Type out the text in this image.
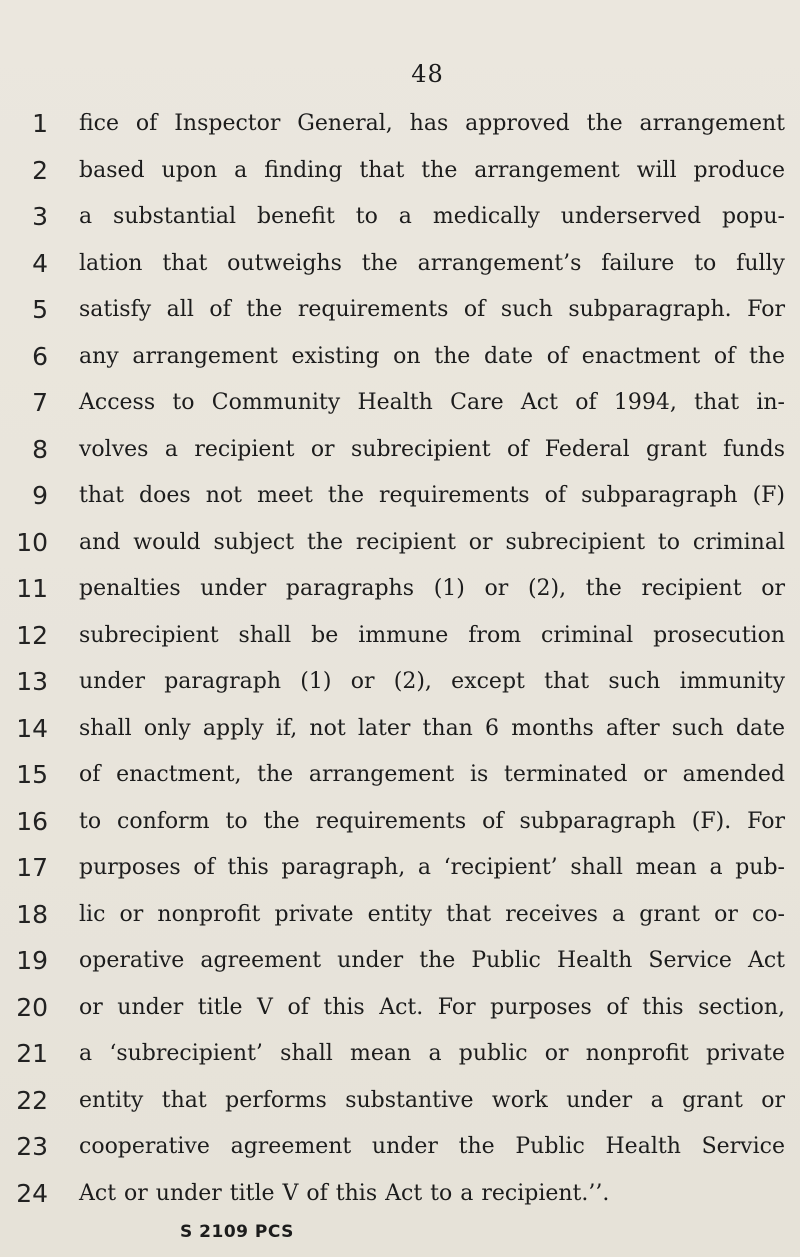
48
1
2
3
4
5
6
7
8
9
10
11
12
13
14
15
16
17
18
19
20
21
22
23
24
fice of Inspector General, has approved the arrangement
based upon a finding that the arrangement will produce
a substantial benefit to a medically underserved popu-
lation that outweighs the arrangement’s failure to fully
satisfy all of the requirements of such subparagraph. For
any arrangement existing on the date of enactment of the
Access to Community Health Care Act of 1994, that in-
volves a recipient or subrecipient of Federal grant funds
that does not meet the requirements of subparagraph (F)
and would subject the recipient or subrecipient to criminal
penalties under paragraphs (1) or (2), the recipient or
subrecipient shall be immune from criminal prosecution
under paragraph (1) or (2), except that such immunity
shall only apply if, not later than 6 months after such date
of enactment, the arrangement is terminated or amended
to conform to the requirements of subparagraph (F). For
purposes of this paragraph, a ‘recipient’ shall mean a pub-
lic or nonprofit private entity that receives a grant or co-
operative agreement under the Public Health Service Act
or under title V of this Act. For purposes of this section,
a ‘subrecipient’ shall mean a public or nonprofit private
entity that performs substantive work under a grant or
cooperative agreement under the Public Health Service
Act or under title V of this Act to a recipient.’’.
S 2109 PCS
